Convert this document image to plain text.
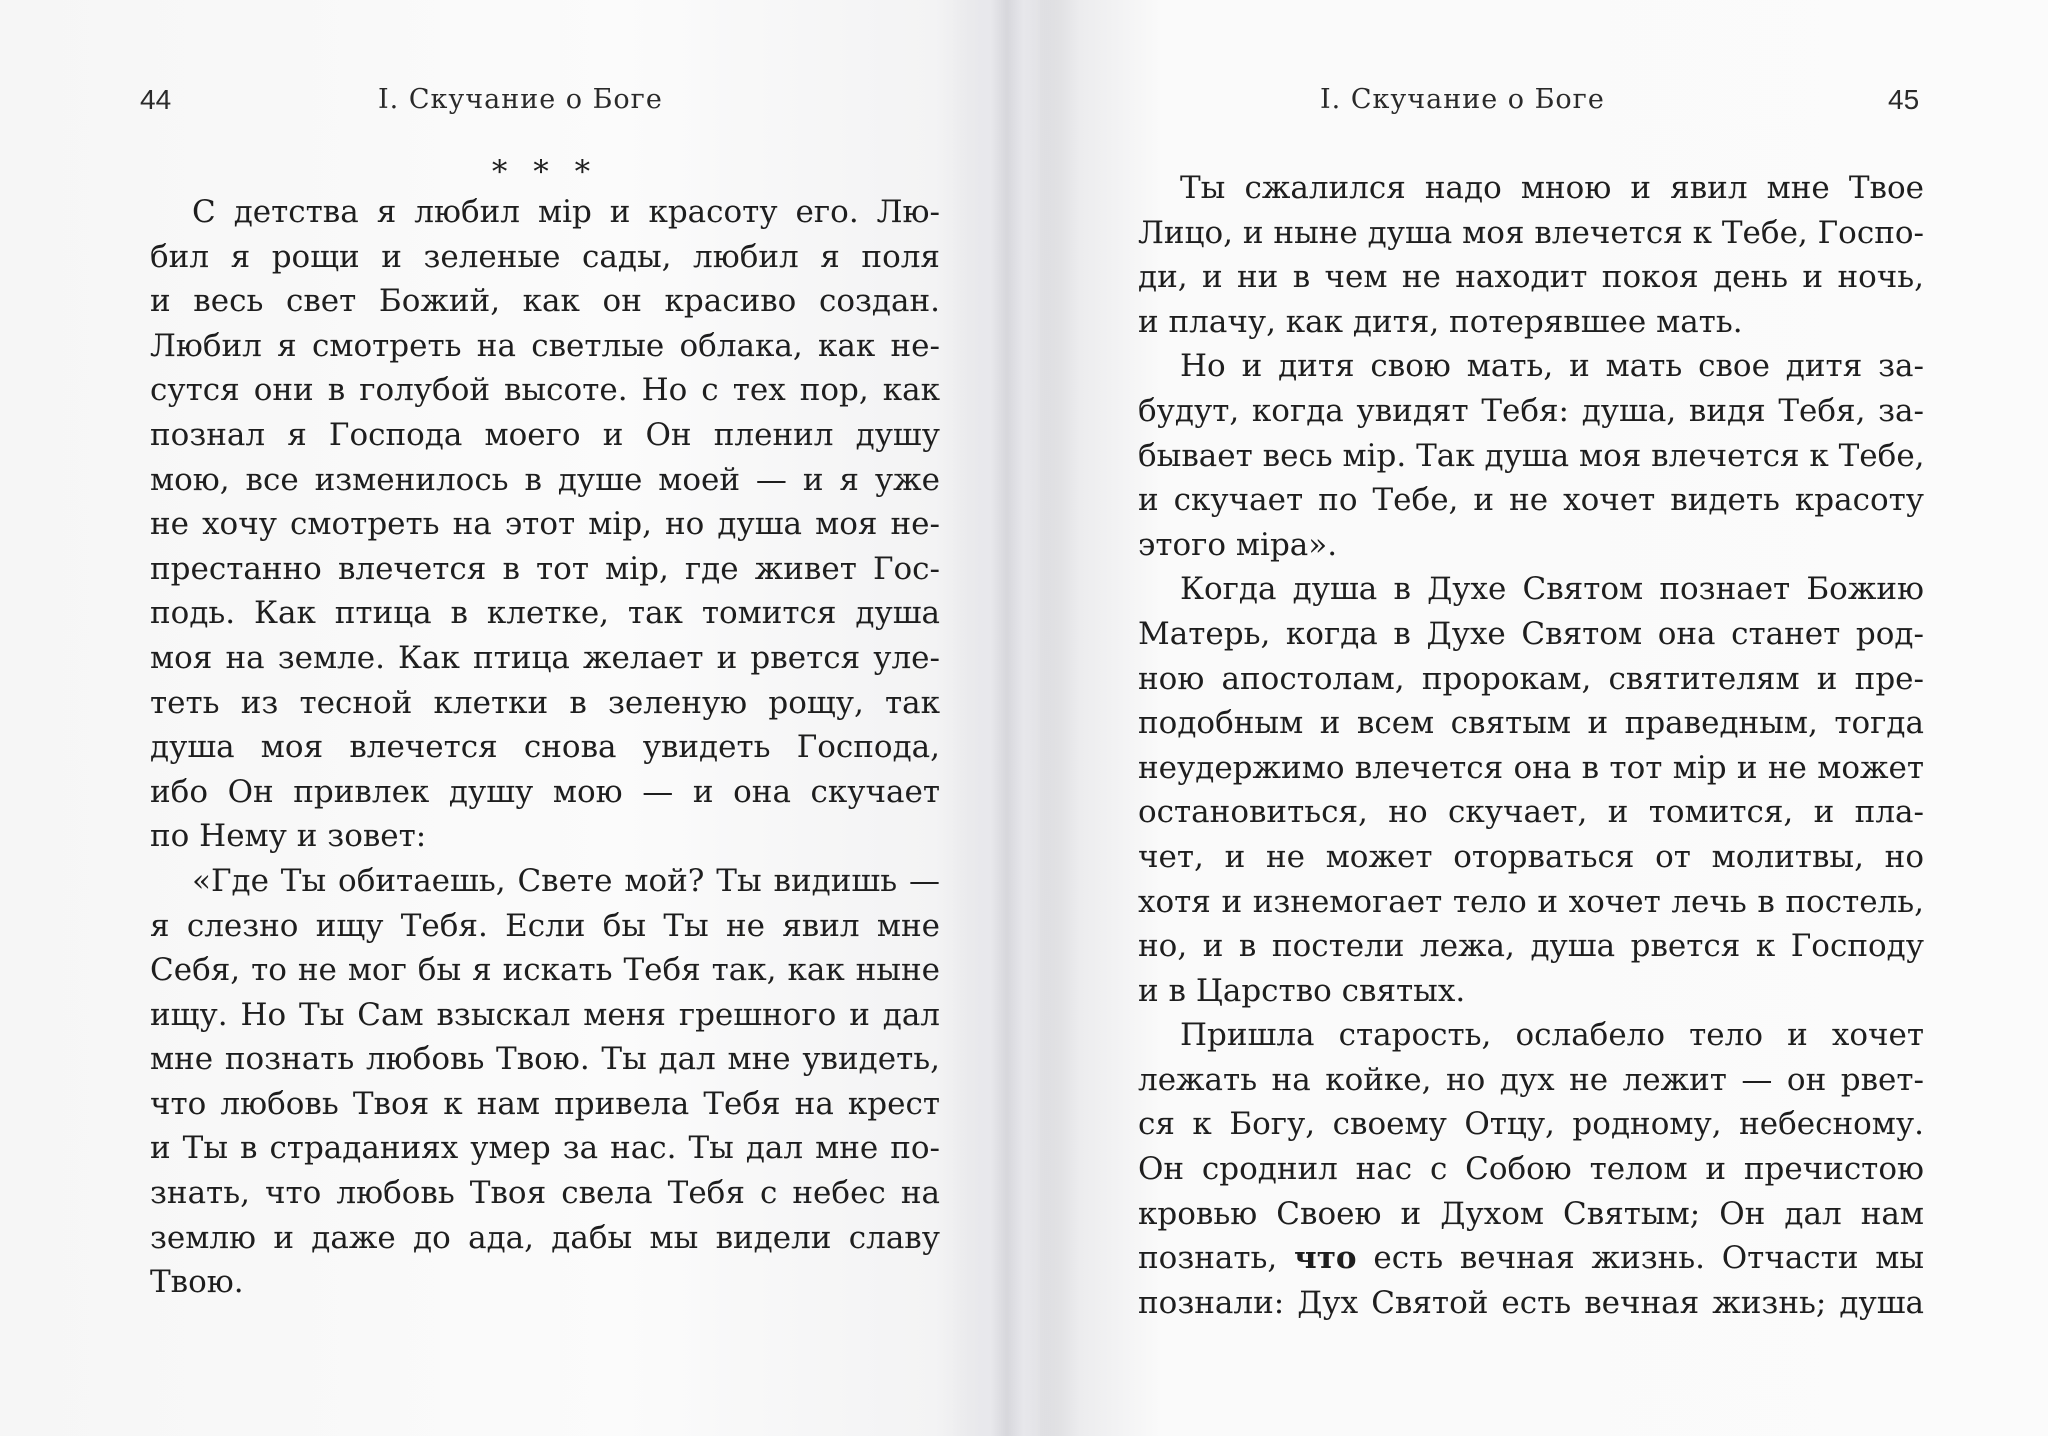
44	I. Скучание о Боге
* * *
С детства я любил мiр и красоту его. Лю-
бил я рощи и зеленые сады, любил я поля
и весь свет Божий, как он красиво создан.
Любил я смотреть на светлые облака, как не-
сутся они в голубой высоте. Но с тех пор, как
познал я Господа моего и Он пленил душу
мою, все изменилось в душе моей — и я уже
не хочу смотреть на этот мiр, но душа моя не-
престанно влечется в тот мiр, где живет Гос-
подь. Как птица в клетке, так томится душа
моя на земле. Как птица желает и рвется уле-
теть из тесной клетки в зеленую рощу, так
душа моя влечется снова увидеть Господа,
ибо Он привлек душу мою — и она скучает
по Нему и зовет:
«Где Ты обитаешь, Свете мой? Ты видишь —
я слезно ищу Тебя. Если бы Ты не явил мне
Себя, то не мог бы я искать Тебя так, как ныне
ищу. Но Ты Сам взыскал меня грешного и дал
мне познать любовь Твою. Ты дал мне увидеть,
что любовь Твоя к нам привела Тебя на крест
и Ты в страданиях умер за нас. Ты дал мне по-
знать, что любовь Твоя свела Тебя с небес на
землю и даже до ада, дабы мы видели славу
Твою.
I. Скучание о Боге	45
Ты сжалился надо мною и явил мне Твое
Лицо, и ныне душа моя влечется к Тебе, Госпо-
ди, и ни в чем не находит покоя день и ночь,
и плачу, как дитя, потерявшее мать.
Но и дитя свою мать, и мать свое дитя за-
будут, когда увидят Тебя: душа, видя Тебя, за-
бывает весь мiр. Так душа моя влечется к Тебе,
и скучает по Тебе, и не хочет видеть красоту
этого мiра».
Когда душа в Духе Святом познает Божию
Матерь, когда в Духе Святом она станет род-
ною апостолам, пророкам, святителям и пре-
подобным и всем святым и праведным, тогда
неудержимо влечется она в тот мiр и не может
остановиться, но скучает, и томится, и пла-
чет, и не может оторваться от молитвы, но
хотя и изнемогает тело и хочет лечь в постель,
но, и в постели лежа, душа рвется к Господу
и в Царство святых.
Пришла старость, ослабело тело и хочет
лежать на койке, но дух не лежит — он рвет-
ся к Богу, своему Отцу, родному, небесному.
Он сроднил нас с Собою телом и пречистою
кровью Своею и Духом Святым; Он дал нам
познать, что есть вечная жизнь. Отчасти мы
познали: Дух Святой есть вечная жизнь; душа
